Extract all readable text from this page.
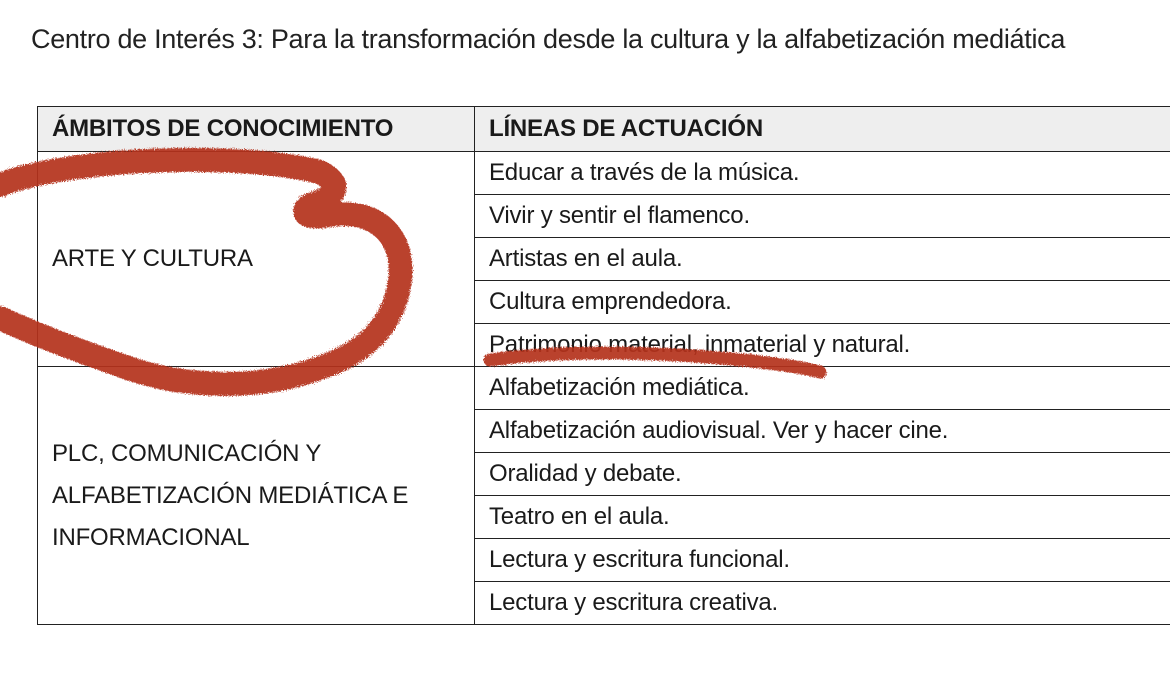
Centro de Interés 3: Para la transformación desde la cultura y la alfabetización mediática
ÁMBITOS DE CONOCIMIENTO	LÍNEAS DE ACTUACIÓN

ARTE Y CULTURA	Educar a través de la música.
	Vivir y sentir el flamenco.
	Artistas en el aula.
	Cultura emprendedora.
	Patrimonio material, inmaterial y natural.

PLC, COMUNICACIÓN Y
ALFABETIZACIÓN MEDIÁTICA E
INFORMACIONAL	Alfabetización mediática.
	Alfabetización audiovisual. Ver y hacer cine.
	Oralidad y debate.
	Teatro en el aula.
	Lectura y escritura funcional.
	Lectura y escritura creativa.
